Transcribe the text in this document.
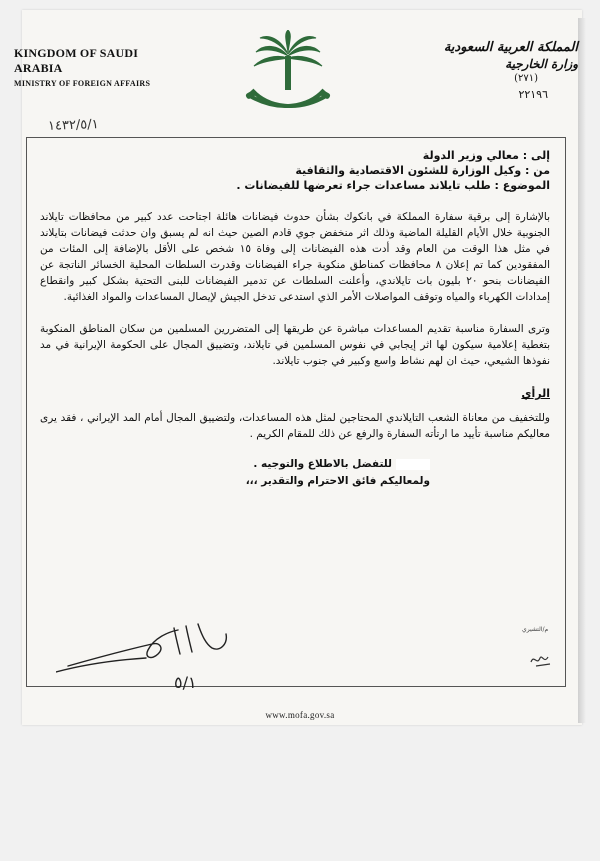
KINGDOM OF SAUDI ARABIA
MINISTRY OF FOREIGN AFFAIRS
المملكة العربية السعودية
وزارة الخارجية
(٢٧١)
٢٢١٩٦
١٤٣٢/٥/١
إلى : معالي وزير الدولة
من : وكيل الوزارة للشئون الاقتصادية والثقافية
الموضوع : طلب تايلاند مساعدات جراء تعرضها للفيضانات .
بالإشارة إلى برقية سفارة المملكة في بانكوك بشأن حدوث فيضانات هائلة اجتاحت عدد كبير من محافظات تايلاند الجنوبية خلال الأيام القليلة الماضية وذلك اثر منخفض جوي قادم الصين حيث انه لم يسبق وان حدثت فيضانات بتايلاند في مثل هذا الوقت من العام وقد أدت هذه الفيضانات إلى وفاة ١٥ شخص على الأقل بالإضافة إلى المئات من المفقودين كما تم إعلان ٨ محافظات كمناطق منكوبة جراء الفيضانات وقدرت السلطات المحلية الخسائر الناتجة عن الفيضانات بنحو ٢٠ بليون بات تايلاندي، وأعلنت السلطات عن تدمير الفيضانات للبنى التحتية بشكل كبير وانقطاع إمدادات الكهرباء والمياه وتوقف المواصلات الأمر الذي استدعى تدخل الجيش لإيصال المساعدات والمواد الغذائية.
وترى السفارة مناسبة تقديم المساعدات مباشرة عن طريقها إلى المتضررين المسلمين من سكان المناطق المنكوبة بتغطية إعلامية سيكون لها اثر إيجابي في نفوس المسلمين في تايلاند، وتضييق المجال على الحكومة الإيرانية في مد نفوذها الشيعي، حيث ان لهم نشاط واسع وكبير في جنوب تايلاند.
الرأي
وللتخفيف من معاناة الشعب التايلاندي المحتاجين لمثل هذه المساعدات، ولتضييق المجال أمام المد الإيراني ، فقد يرى معاليكم مناسبة تأييد ما ارتأته السفارة والرفع عن ذلك للمقام الكريم .
للتفضل بالاطلاع والتوجيه .
ولمعاليكم فائق الاحترام والتقدير ،،،
م/التشيري
٥/١
www.mofa.gov.sa
